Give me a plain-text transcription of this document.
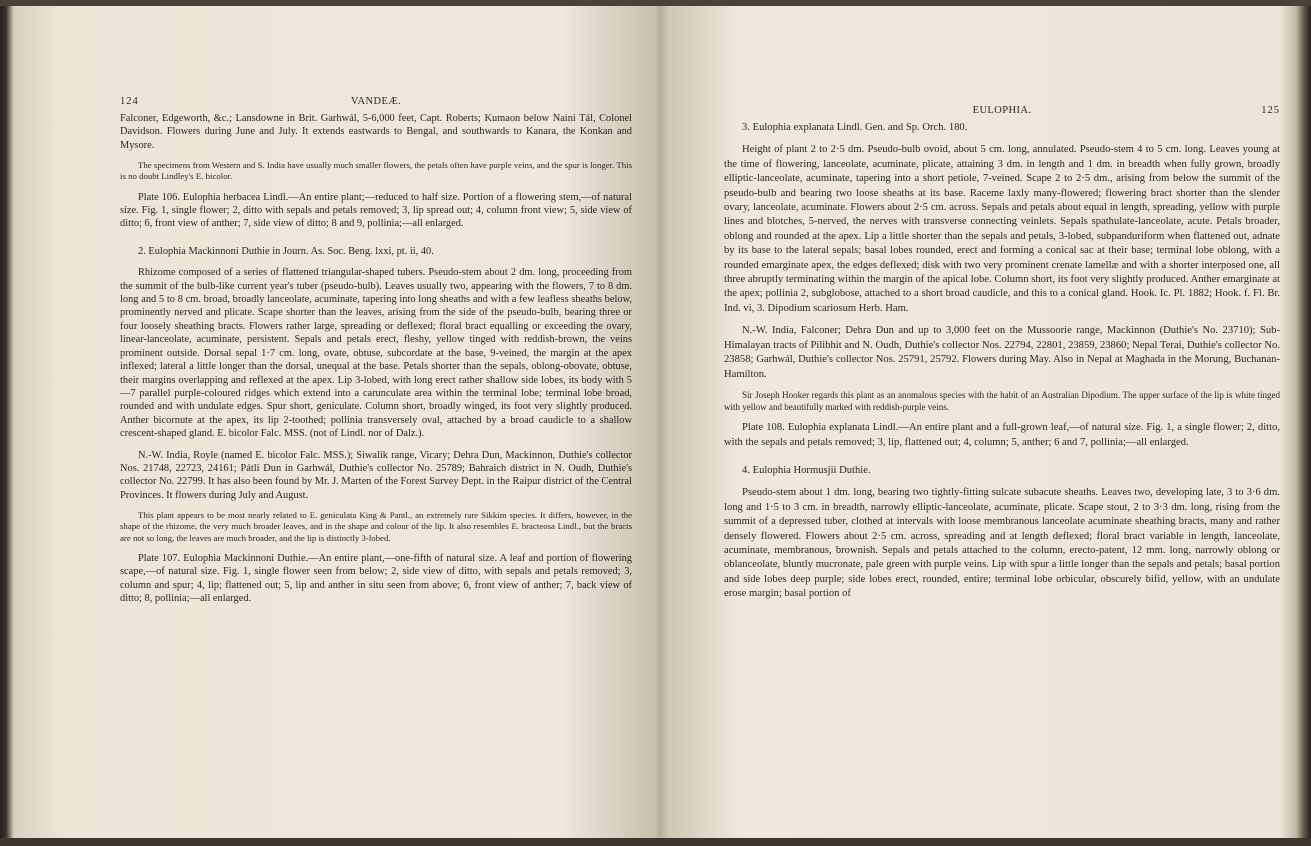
124	VANDEÆ.

Falconer, Edgeworth, &c.; Lansdowne in Brit. Garhwál, 5-6,000 feet, Capt. Roberts; Kumaon below Naini Tál, Colonel Davidson. Flowers during June and July. It extends eastwards to Bengal, and southwards to Kanara, the Konkan and Mysore.

The specimens from Western and S. India have usually much smaller flowers, the petals often have purple veins, and the spur is longer. This is no doubt Lindley's E. bicolor.

Plate 106. Eulophia herbacea Lindl.—An entire plant;—reduced to half size. Portion of a flowering stem,—of natural size. Fig. 1, single flower; 2, ditto with sepals and petals removed; 3, lip spread out; 4, column front view; 5, side view of ditto; 6, front view of anther; 7, side view of ditto; 8 and 9, pollinia;—all enlarged.

2. Eulophia Mackinnoni Duthie in Journ. As. Soc. Beng. lxxi, pt. ii, 40.

Rhizome composed of a series of flattened triangular-shaped tubers. Pseudo-stem about 2 dm. long, proceeding from the summit of the bulb-like current year's tuber (pseudo-bulb). Leaves usually two, appearing with the flowers, 7 to 8 dm. long and 5 to 8 cm. broad, broadly lanceolate, acuminate, tapering into long sheaths and with a few leafless sheaths below, prominently nerved and plicate. Scape shorter than the leaves, arising from the side of the pseudo-bulb, bearing three or four loosely sheathing bracts. Flowers rather large, spreading or deflexed; floral bract equalling or exceeding the ovary, linear-lanceolate, acuminate, persistent. Sepals and petals erect, fleshy, yellow tinged with reddish-brown, the veins prominent outside. Dorsal sepal 1·7 cm. long, ovate, obtuse, subcordate at the base, 9-veined, the margin at the apex inflexed; lateral a little longer than the dorsal, unequal at the base. Petals shorter than the sepals, oblong-obovate, obtuse, their margins overlapping and reflexed at the apex. Lip 3-lobed, with long erect rather shallow side lobes, its body with 5—7 parallel purple-coloured ridges which extend into a carunculate area within the terminal lobe; terminal lobe broad, rounded and with undulate edges. Spur short, geniculate. Column short, broadly winged, its foot very slightly produced. Anther bicornute at the apex, its lip 2-toothed; pollinia transversely oval, attached by a broad caudicle to a shallow crescent-shaped gland. E. bicolor Falc. MSS. (not of Lindl. nor of Dalz.).

N.-W. India, Royle (named E. bicolor Falc. MSS.); Siwalik range, Vicary; Dehra Dun, Mackinnon, Duthie's collector Nos. 21748, 22723, 24161; Pátli Dun in Garhwál, Duthie's collector No. 25789; Bahraich district in N. Oudh, Duthie's collector No. 22799. It has also been found by Mr. J. Marten of the Forest Survey Dept. in the Raipur district of the Central Provinces. It flowers during July and August.

This plant appears to be most nearly related to E. geniculata King & Pantl., an extremely rare Sikkim species. It differs, however, in the shape of the rhizome, the very much broader leaves, and in the shape and colour of the lip. It also resembles E. bracteosa Lindl., but the bracts are not so long, the leaves are much broader, and the lip is distinctly 3-lobed.

Plate 107. Eulophia Mackinnoni Duthie.—An entire plant,—one-fifth of natural size. A leaf and portion of flowering scape,—of natural size. Fig. 1, single flower seen from below; 2, side view of ditto, with sepals and petals removed; 3, column and spur; 4, lip; flattened out; 5, lip and anther in situ seen from above; 6, front view of anther; 7, back view of ditto; 8, pollinia;—all enlarged.

EULOPHIA.	125

3. Eulophia explanata Lindl. Gen. and Sp. Orch. 180.

Height of plant 2 to 2·5 dm. Pseudo-bulb ovoid, about 5 cm. long, annulated. Pseudo-stem 4 to 5 cm. long. Leaves young at the time of flowering, lanceolate, acuminate, plicate, attaining 3 dm. in length and 1 dm. in breadth when fully grown, broadly elliptic-lanceolate, acuminate, tapering into a short petiole, 7-veined. Scape 2 to 2·5 dm., arising from below the summit of the pseudo-bulb and bearing two loose sheaths at its base. Raceme laxly many-flowered; flowering bract shorter than the slender ovary, lanceolate, acuminate. Flowers about 2·5 cm. across. Sepals and petals about equal in length, spreading, yellow with purple lines and blotches, 5-nerved, the nerves with transverse connecting veinlets. Sepals spathulate-lanceolate, acute. Petals broader, oblong and rounded at the apex. Lip a little shorter than the sepals and petals, 3-lobed, subpanduriform when flattened out, adnate by its base to the lateral sepals; basal lobes rounded, erect and forming a conical sac at their base; terminal lobe oblong, with a rounded emarginate apex, the edges deflexed; disk with two very prominent crenate lamellæ and with a shorter interposed one, all three abruptly terminating within the margin of the apical lobe. Column short, its foot very slightly produced. Anther emarginate at the apex; pollinia 2, subglobose, attached to a short broad caudicle, and this to a conical gland. Hook. Ic. Pl. 1882; Hook. f. Fl. Br. Ind. vi, 3. Dipodium scariosum Herb. Ham.

N.-W. India, Falconer; Dehra Dun and up to 3,000 feet on the Mussoorie range, Mackinnon (Duthie's No. 23710); Sub-Himalayan tracts of Pilibhit and N. Oudh, Duthie's collector Nos. 22794, 22801, 23859, 23860; Nepal Terai, Duthie's collector No. 23858; Garhwál, Duthie's collector Nos. 25791, 25792. Flowers during May. Also in Nepal at Maghada in the Morung, Buchanan-Hamilton.

Sir Joseph Hooker regards this plant as an anomalous species with the habit of an Australian Dipodium. The upper surface of the lip is white tinged with yellow and beautifully marked with reddish-purple veins.

Plate 108. Eulophia explanata Lindl.—An entire plant and a full-grown leaf,—of natural size. Fig. 1, a single flower; 2, ditto, with the sepals and petals removed; 3, lip, flattened out; 4, column; 5, anther; 6 and 7, pollinia;—all enlarged.

4. Eulophia Hormusjii Duthie.

Pseudo-stem about 1 dm. long, bearing two tightly-fitting sulcate subacute sheaths. Leaves two, developing late, 3 to 3·6 dm. long and 1·5 to 3 cm. in breadth, narrowly elliptic-lanceolate, acuminate, plicate. Scape stout, 2 to 3·3 dm. long, rising from the summit of a depressed tuber, clothed at intervals with loose membranous lanceolate acuminate sheathing bracts, many and rather densely flowered. Flowers about 2·5 cm. across, spreading and at length deflexed; floral bract variable in length, lanceolate, acuminate, membranous, brownish. Sepals and petals attached to the column, erecto-patent, 12 mm. long, narrowly oblong or oblanceolate, bluntly mucronate, pale green with purple veins. Lip with spur a little longer than the sepals and petals; basal portion and side lobes deep purple; side lobes erect, rounded, entire; terminal lobe orbicular, obscurely bifid, yellow, with an undulate erose margin; basal portion of
